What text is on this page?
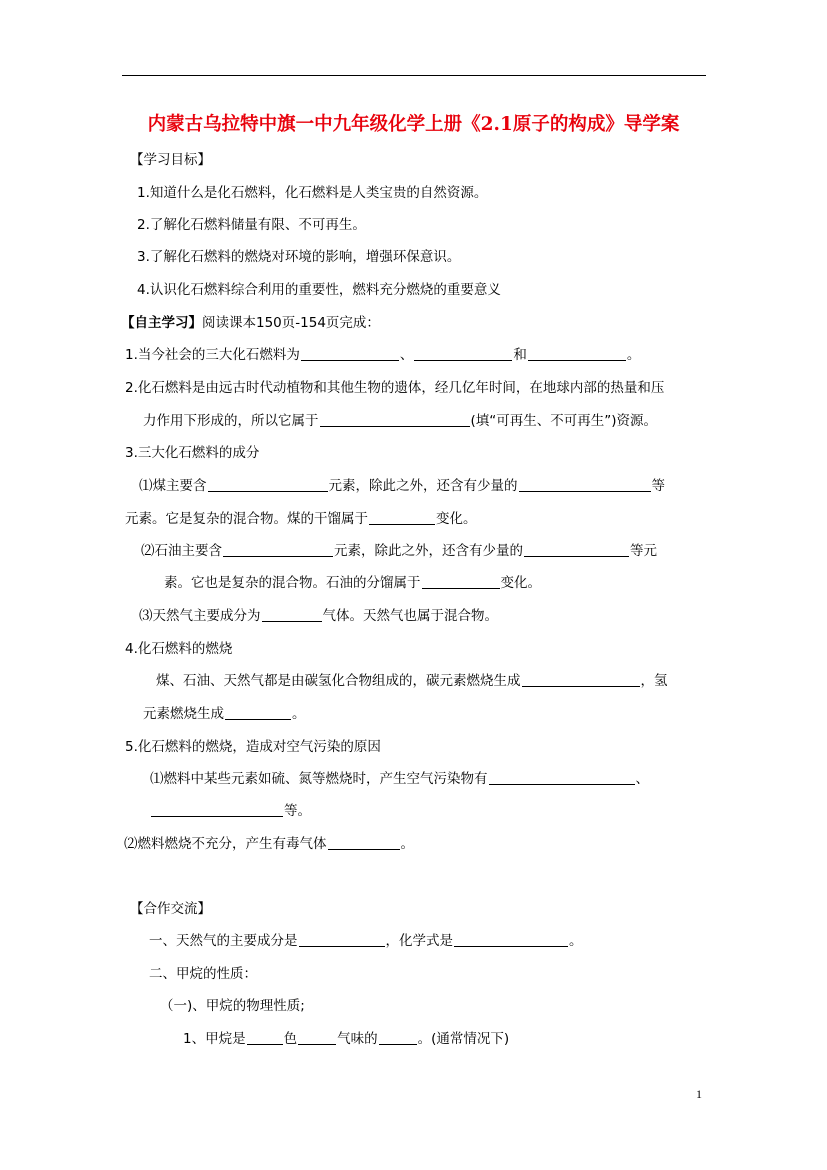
内蒙古乌拉特中旗一中九年级化学上册《2.1原子的构成》导学案
【学习目标】
1.知道什么是化石燃料，化石燃料是人类宝贵的自然资源。
2.了解化石燃料储量有限、不可再生。
3.了解化石燃料的燃烧对环境的影响，增强环保意识。
4.认识化石燃料综合利用的重要性，燃料充分燃烧的重要意义
【自主学习】阅读课本150页-154页完成：
1.当今社会的三大化石燃料为	、	和	。
2.化石燃料是由远古时代动植物和其他生物的遗体，经几亿年时间，在地球内部的热量和压
力作用下形成的，所以它属于	(填“可再生、不可再生”)资源。
3.三大化石燃料的成分
⑴煤主要含	元素，除此之外，还含有少量的	等
元素。它是复杂的混合物。煤的干馏属于	变化。
⑵石油主要含	元素，除此之外，还含有少量的	等元
素。它也是复杂的混合物。石油的分馏属于	变化。
⑶天然气主要成分为	气体。天然气也属于混合物。
4.化石燃料的燃烧
煤、石油、天然气都是由碳氢化合物组成的，碳元素燃烧生成	，氢
元素燃烧生成	。
5.化石燃料的燃烧，造成对空气污染的原因
⑴燃料中某些元素如硫、氮等燃烧时，产生空气污染物有	、
等。
⑵燃料燃烧不充分，产生有毒气体	。
【合作交流】
一、天然气的主要成分是	，化学式是	。
二、甲烷的性质：
（一)、甲烷的物理性质;
1、甲烷是	色	气味的	。(通常情况下)
1
